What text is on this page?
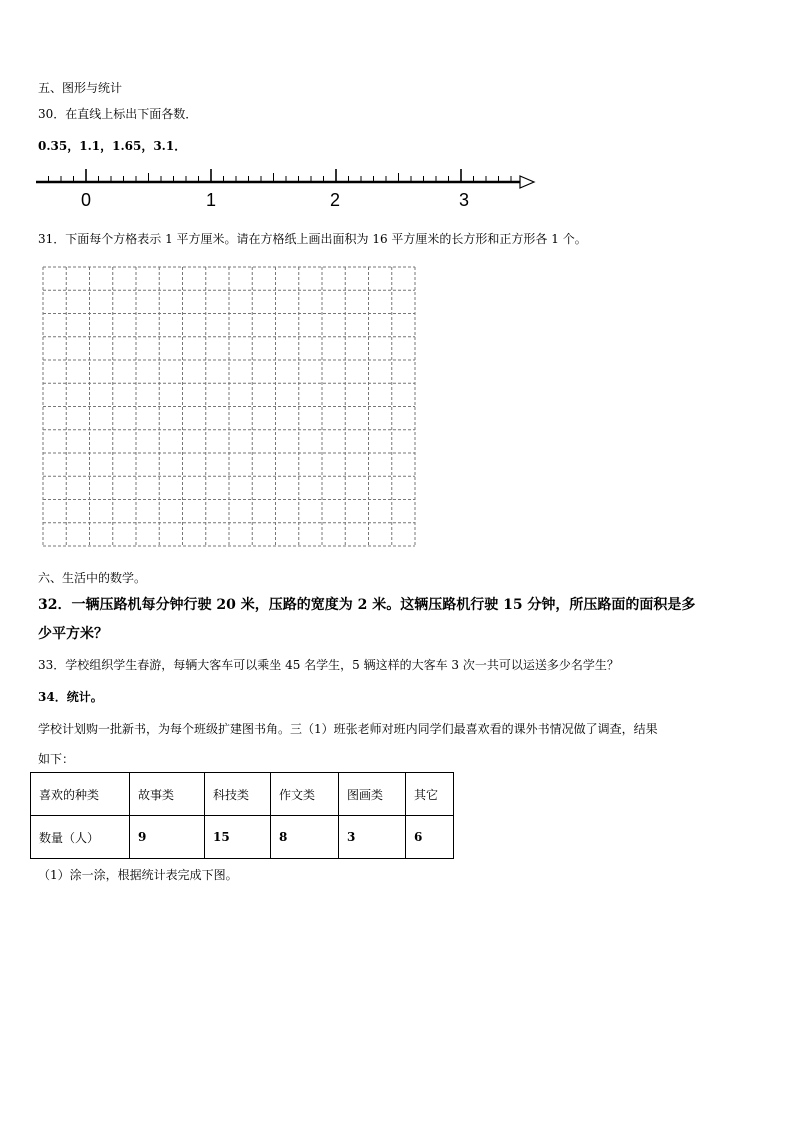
五、图形与统计
30．在直线上标出下面各数．
0.35，1.1，1.65，3.1．
0	1	2	3
31．下面每个方格表示 1 平方厘米。请在方格纸上画出面积为 16 平方厘米的长方形和正方形各 1 个。
六、生活中的数学。
32．一辆压路机每分钟行驶 20 米，压路的宽度为 2 米。这辆压路机行驶 15 分钟，所压路面的面积是多
少平方米？
33．学校组织学生春游，每辆大客车可以乘坐 45 名学生，5 辆这样的大客车 3 次一共可以运送多少名学生？
34．统计。
学校计划购一批新书，为每个班级扩建图书角。三（1）班张老师对班内同学们最喜欢看的课外书情况做了调查，结果
如下：
喜欢的种类	故事类	科技类	作文类	图画类	其它
数量（人）	9	15	8	3	6
（1）涂一涂，根据统计表完成下图。
